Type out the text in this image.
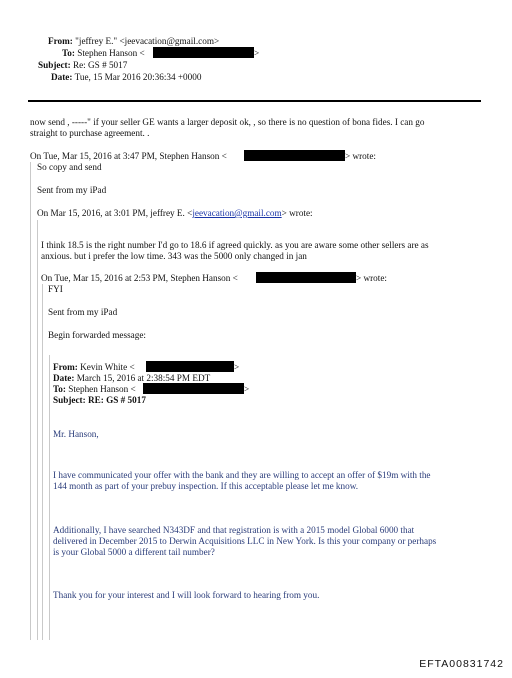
From: "jeffrey E." <jeevacation@gmail.com>
To: Stephen Hanson <	>
Subject: Re: GS # 5017
Date: Tue, 15 Mar 2016 20:36:34 +0000
now send , -----" if your seller GE wants a larger deposit ok, , so there is no question of bona fides. I can go
straight to purchase agreement. .
On Tue, Mar 15, 2016 at 3:47 PM, Stephen Hanson <	> wrote:
So copy and send
Sent from my iPad
On Mar 15, 2016, at 3:01 PM, jeffrey E. <jeevacation@gmail.com> wrote:
I think 18.5 is the right number I'd go to 18.6 if agreed quickly. as you are aware some other sellers are as
anxious. but i prefer the low time. 343 was the 5000 only changed in jan
On Tue, Mar 15, 2016 at 2:53 PM, Stephen Hanson <	> wrote:
FYI
Sent from my iPad
Begin forwarded message:
From: Kevin White <	>
Date: March 15, 2016 at 2:38:54 PM EDT
To: Stephen Hanson <	>
Subject: RE: GS # 5017
Mr. Hanson,
I have communicated your offer with the bank and they are willing to accept an offer of $19m with the
144 month as part of your prebuy inspection. If this acceptable please let me know.
Additionally, I have searched N343DF and that registration is with a 2015 model Global 6000 that
delivered in December 2015 to Derwin Acquisitions LLC in New York. Is this your company or perhaps
is your Global 5000 a different tail number?
Thank you for your interest and I will look forward to hearing from you.
EFTA00831742
